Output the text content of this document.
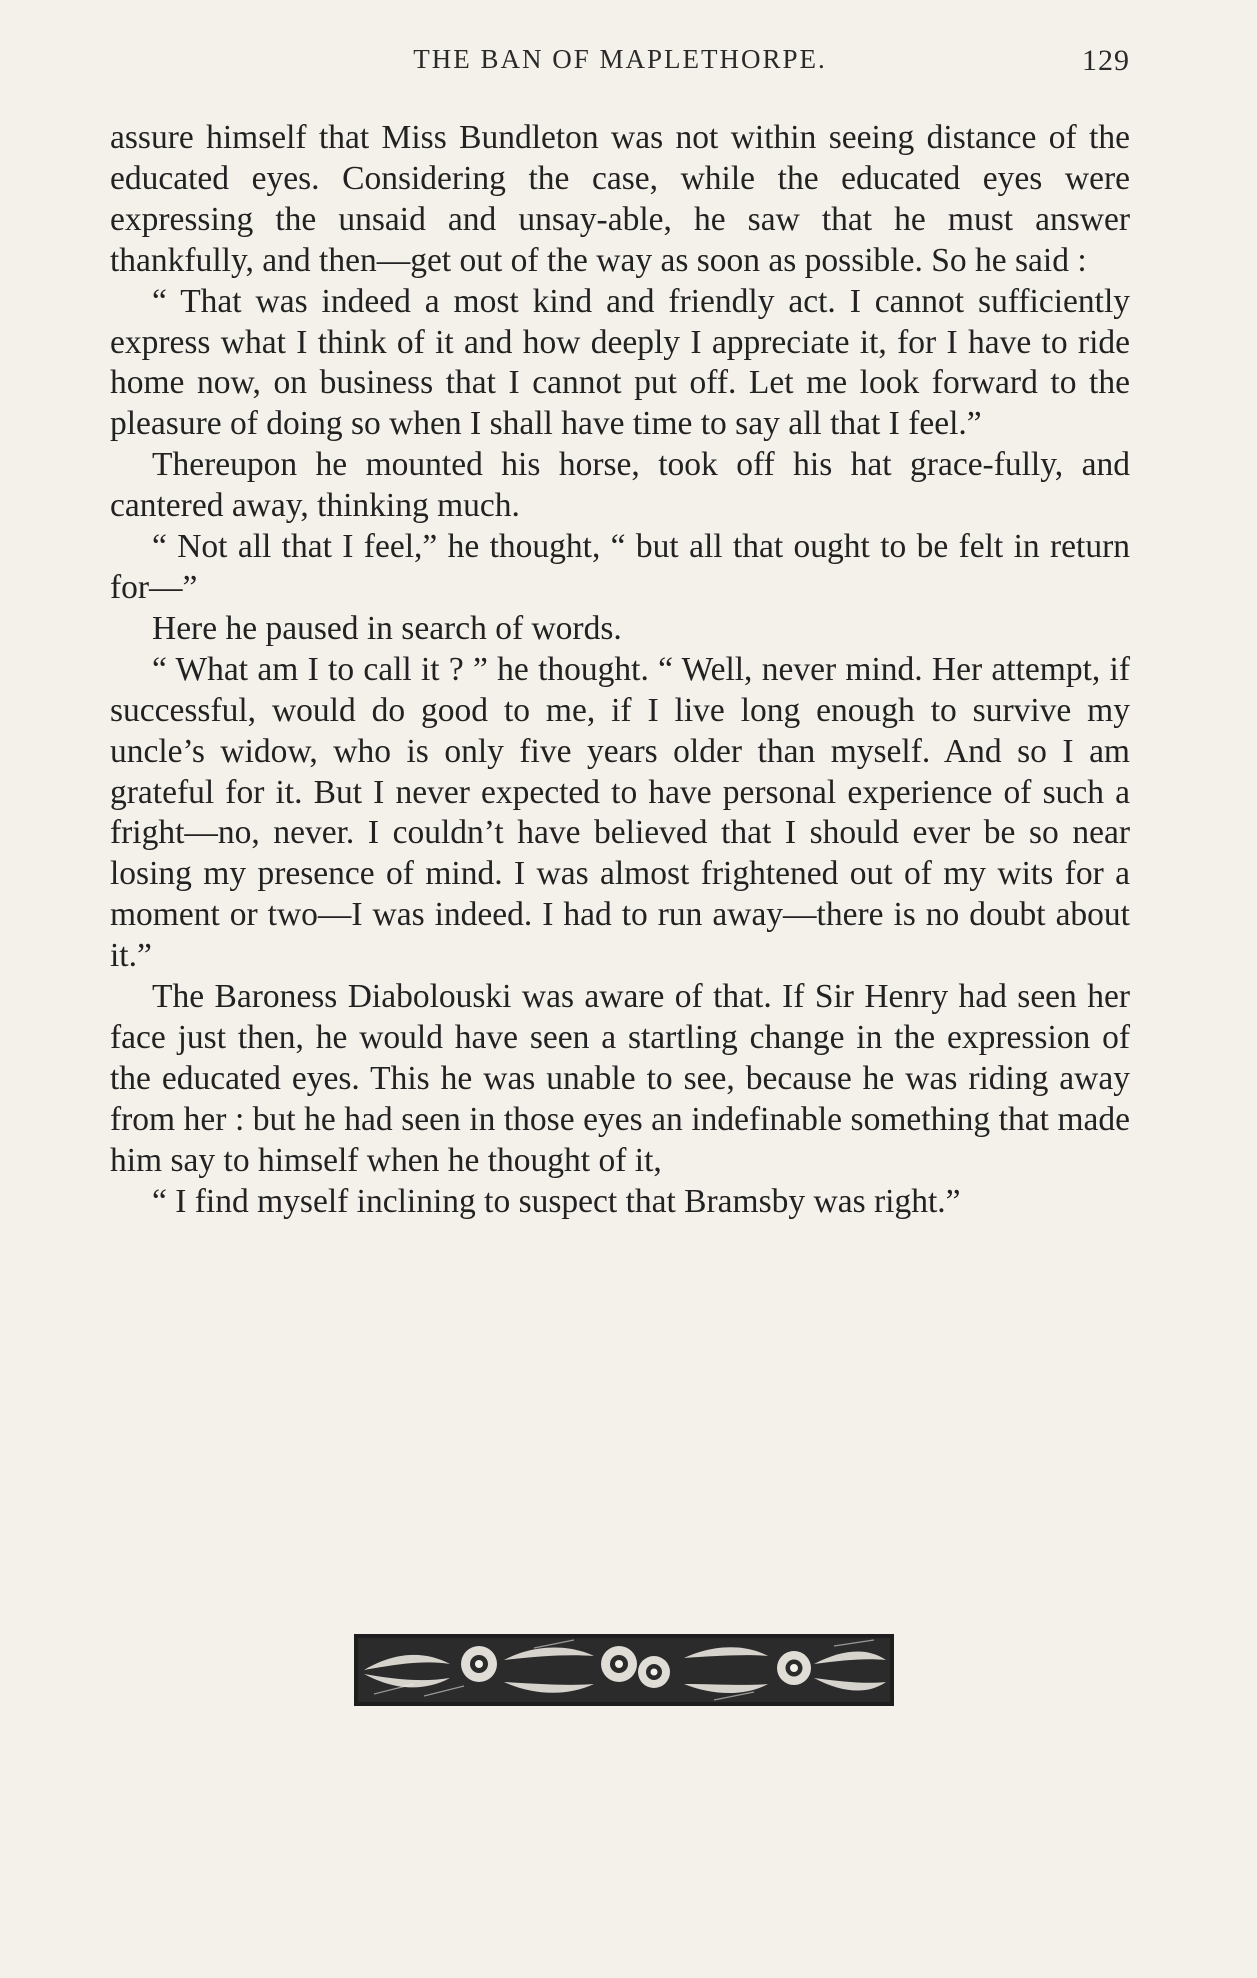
THE BAN OF MAPLETHORPE.	129

assure himself that Miss Bundleton was not within seeing distance of the educated eyes. Considering the case, while the educated eyes were expressing the unsaid and unsay-able, he saw that he must answer thankfully, and then—get out of the way as soon as possible. So he said :

“ That was indeed a most kind and friendly act. I cannot sufficiently express what I think of it and how deeply I appreciate it, for I have to ride home now, on business that I cannot put off. Let me look forward to the pleasure of doing so when I shall have time to say all that I feel.”

Thereupon he mounted his horse, took off his hat grace-fully, and cantered away, thinking much.

“ Not all that I feel,” he thought, “ but all that ought to be felt in return for—”

Here he paused in search of words.

“ What am I to call it ? ” he thought. “ Well, never mind. Her attempt, if successful, would do good to me, if I live long enough to survive my uncle’s widow, who is only five years older than myself. And so I am grateful for it. But I never expected to have personal experience of such a fright—no, never. I couldn’t have believed that I should ever be so near losing my presence of mind. I was almost frightened out of my wits for a moment or two—I was indeed. I had to run away—there is no doubt about it.”

The Baroness Diabolouski was aware of that. If Sir Henry had seen her face just then, he would have seen a startling change in the expression of the educated eyes. This he was unable to see, because he was riding away from her : but he had seen in those eyes an indefinable something that made him say to himself when he thought of it,

“ I find myself inclining to suspect that Bramsby was right.”
